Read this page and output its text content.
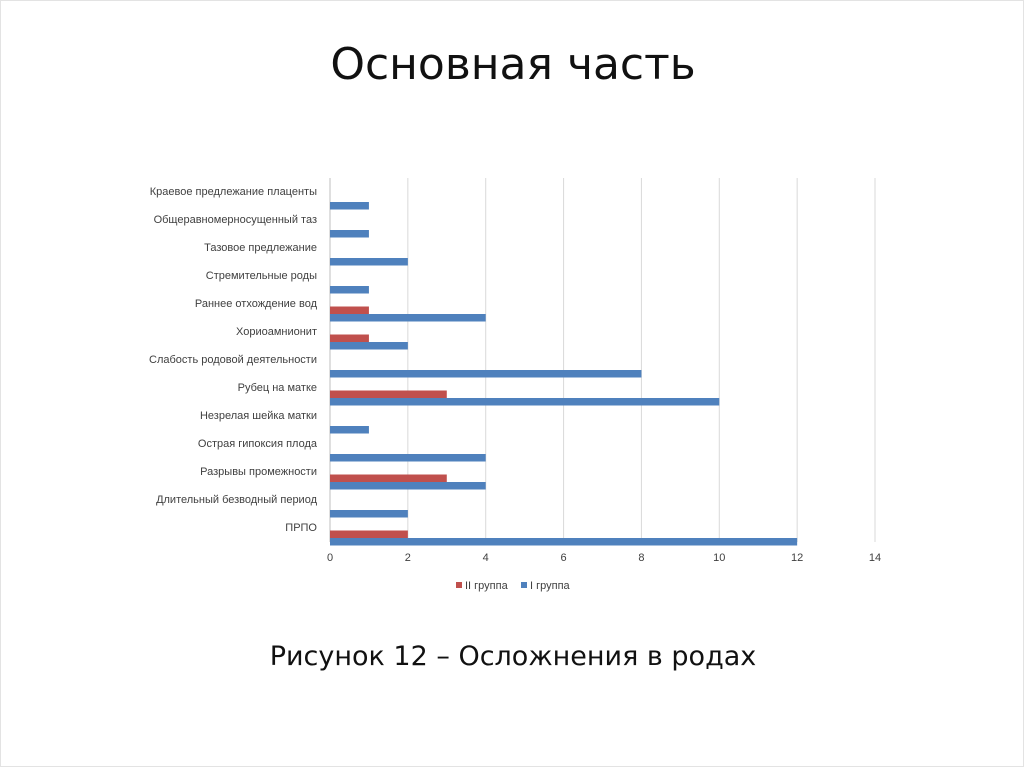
Основная часть
Краевое предлежание плаценты
Общеравномерносущенный таз
Тазовое предлежание
Стремительные роды
Раннее отхождение вод
Хориоамнионит
Слабость родовой деятельности
Рубец на матке
Незрелая шейка матки
Острая гипоксия плода
Разрывы промежности
Длительный безводный период
ПРПО
0	2	4	6	8	10	12	14
II группа I группа
Рисунок 12 – Осложнения в родах
